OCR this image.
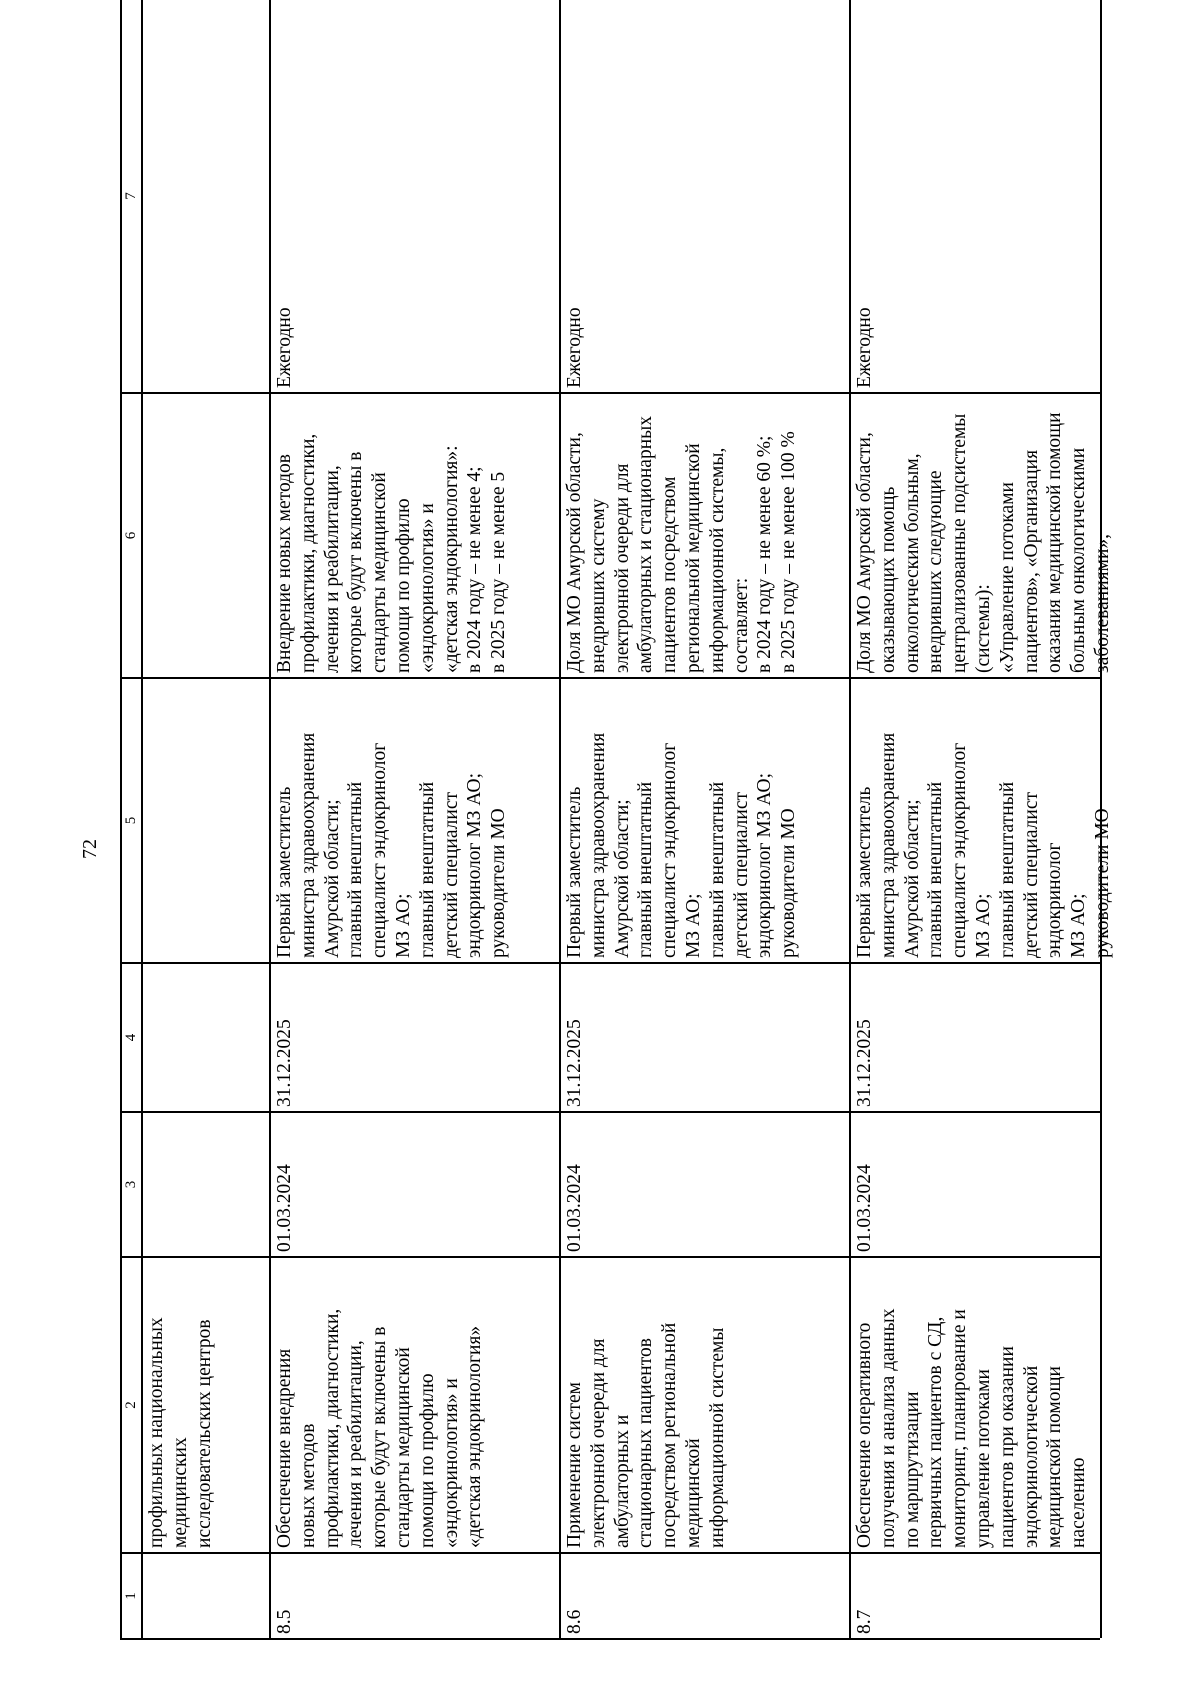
72
1
2
3
4
5
6
7
профильных национальных
медицинских
исследовательских центров
8.5
Обеспечение внедрения
новых методов
профилактики, диагностики,
лечения и реабилитации,
которые будут включены в
стандарты медицинской
помощи по профилю
«эндокринология» и
«детская эндокринология»
01.03.2024
31.12.2025
Первый заместитель
министра здравоохранения
Амурской области;
главный внештатный
специалист эндокринолог
МЗ АО;
главный внештатный
детский специалист
эндокринолог МЗ АО;
руководители МО
Внедрение новых методов
профилактики, диагностики,
лечения и реабилитации,
которые будут включены в
стандарты медицинской
помощи по профилю
«эндокринология» и
«детская эндокринология»:
в 2024 году – не менее 4;
в 2025 году – не менее 5
Ежегодно
8.6
Применение систем
электронной очереди для
амбулаторных и
стационарных пациентов
посредством региональной
медицинской
информационной системы
01.03.2024
31.12.2025
Первый заместитель
министра здравоохранения
Амурской области;
главный внештатный
специалист эндокринолог
МЗ АО;
главный внештатный
детский специалист
эндокринолог МЗ АО;
руководители МО
Доля МО Амурской области,
внедривших систему
электронной очереди для
амбулаторных и стационарных
пациентов посредством
региональной медицинской
информационной системы,
составляет:
в 2024 году – не менее 60 %;
в 2025 году – не менее 100 %
Ежегодно
8.7
Обеспечение оперативного
получения и анализа данных
по маршрутизации
первичных пациентов с СД,
мониторинг, планирование и
управление потоками
пациентов при оказании
эндокринологической
медицинской помощи
населению
01.03.2024
31.12.2025
Первый заместитель
министра здравоохранения
Амурской области;
главный внештатный
специалист эндокринолог
МЗ АО;
главный внештатный
детский специалист
эндокринолог
МЗ АО;
руководители МО
Доля МО Амурской области,
оказывающих помощь
онкологическим больным,
внедривших следующие
централизованные подсистемы
(системы):
«Управление потоками
пациентов», «Организация
оказания медицинской помощи
больным онкологическими
заболеваниями»,
Ежегодно
